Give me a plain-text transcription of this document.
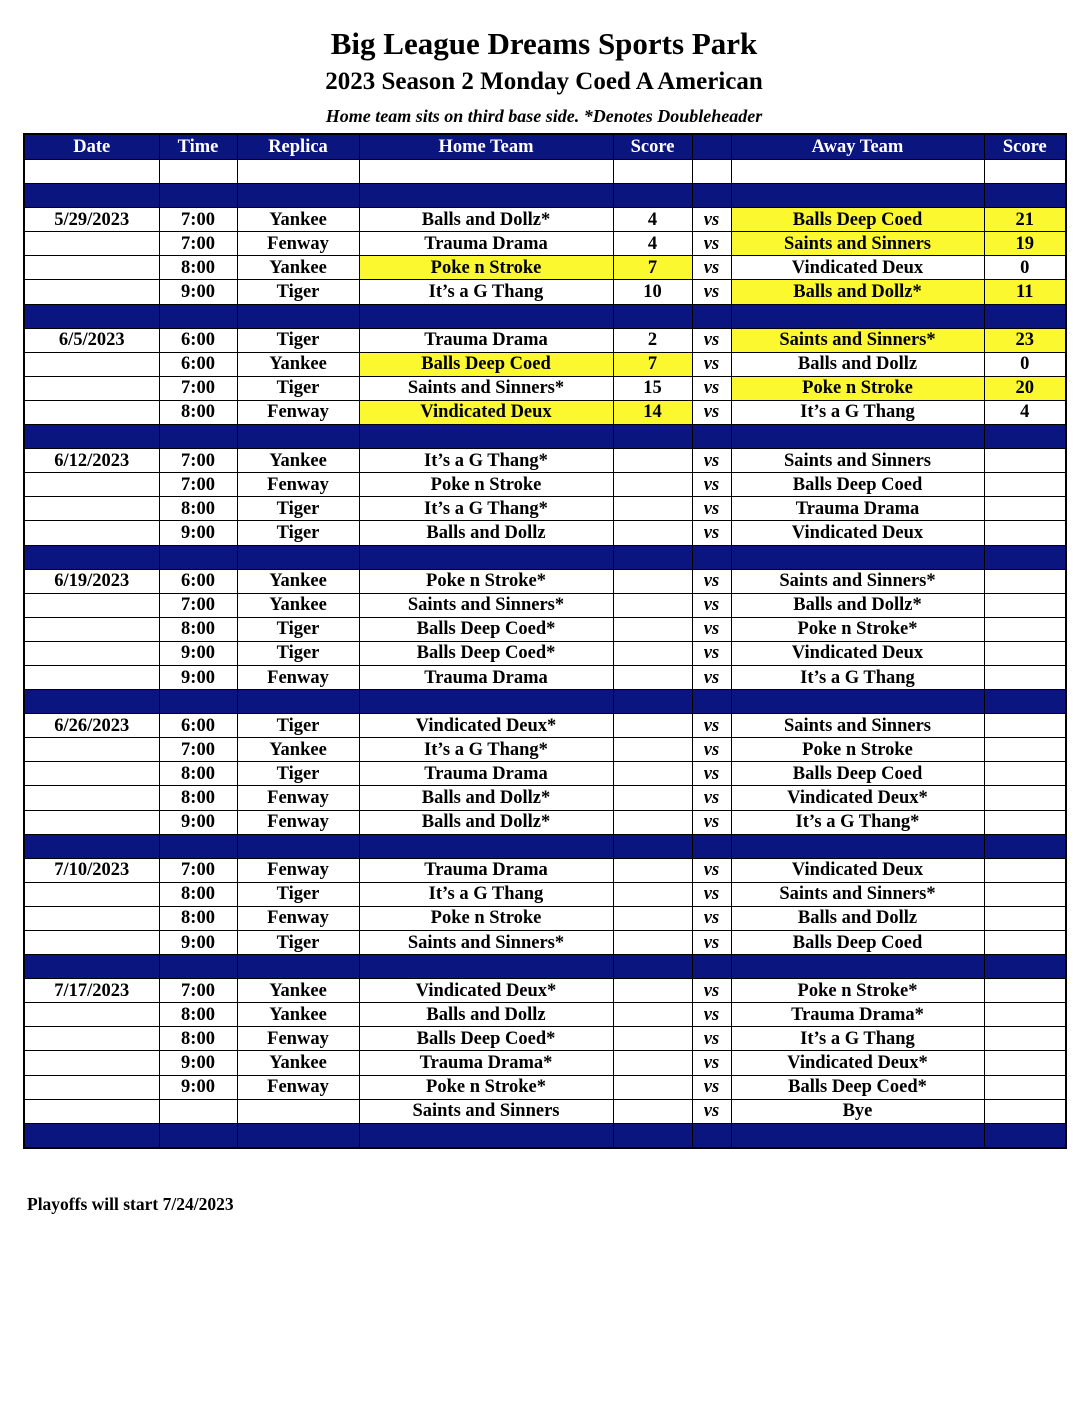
Big League Dreams Sports Park
2023 Season 2 Monday Coed A American
Home team sits on third base side. *Denotes Doubleheader
Date	Time	Replica	Home Team	Score		Away Team	Score

5/29/2023	7:00	Yankee	Balls and Dollz*	4	vs	Balls Deep Coed	21
	7:00	Fenway	Trauma Drama	4	vs	Saints and Sinners	19
	8:00	Yankee	Poke n Stroke	7	vs	Vindicated Deux	0
	9:00	Tiger	It’s a G Thang	10	vs	Balls and Dollz*	11

6/5/2023	6:00	Tiger	Trauma Drama	2	vs	Saints and Sinners*	23
	6:00	Yankee	Balls Deep Coed	7	vs	Balls and Dollz	0
	7:00	Tiger	Saints and Sinners*	15	vs	Poke n Stroke	20
	8:00	Fenway	Vindicated Deux	14	vs	It’s a G Thang	4

6/12/2023	7:00	Yankee	It’s a G Thang*		vs	Saints and Sinners	
	7:00	Fenway	Poke n Stroke		vs	Balls Deep Coed	
	8:00	Tiger	It’s a G Thang*		vs	Trauma Drama	
	9:00	Tiger	Balls and Dollz		vs	Vindicated Deux	

6/19/2023	6:00	Yankee	Poke n Stroke*		vs	Saints and Sinners*	
	7:00	Yankee	Saints and Sinners*		vs	Balls and Dollz*	
	8:00	Tiger	Balls Deep Coed*		vs	Poke n Stroke*	
	9:00	Tiger	Balls Deep Coed*		vs	Vindicated Deux	
	9:00	Fenway	Trauma Drama		vs	It’s a G Thang	

6/26/2023	6:00	Tiger	Vindicated Deux*		vs	Saints and Sinners	
	7:00	Yankee	It’s a G Thang*		vs	Poke n Stroke	
	8:00	Tiger	Trauma Drama		vs	Balls Deep Coed	
	8:00	Fenway	Balls and Dollz*		vs	Vindicated Deux*	
	9:00	Fenway	Balls and Dollz*		vs	It’s a G Thang*	

7/10/2023	7:00	Fenway	Trauma Drama		vs	Vindicated Deux	
	8:00	Tiger	It’s a G Thang		vs	Saints and Sinners*	
	8:00	Fenway	Poke n Stroke		vs	Balls and Dollz	
	9:00	Tiger	Saints and Sinners*		vs	Balls Deep Coed	

7/17/2023	7:00	Yankee	Vindicated Deux*		vs	Poke n Stroke*	
	8:00	Yankee	Balls and Dollz		vs	Trauma Drama*	
	8:00	Fenway	Balls Deep Coed*		vs	It’s a G Thang	
	9:00	Yankee	Trauma Drama*		vs	Vindicated Deux*	
	9:00	Fenway	Poke n Stroke*		vs	Balls Deep Coed*	
			Saints and Sinners		vs	Bye	

Playoffs will start 7/24/2023
